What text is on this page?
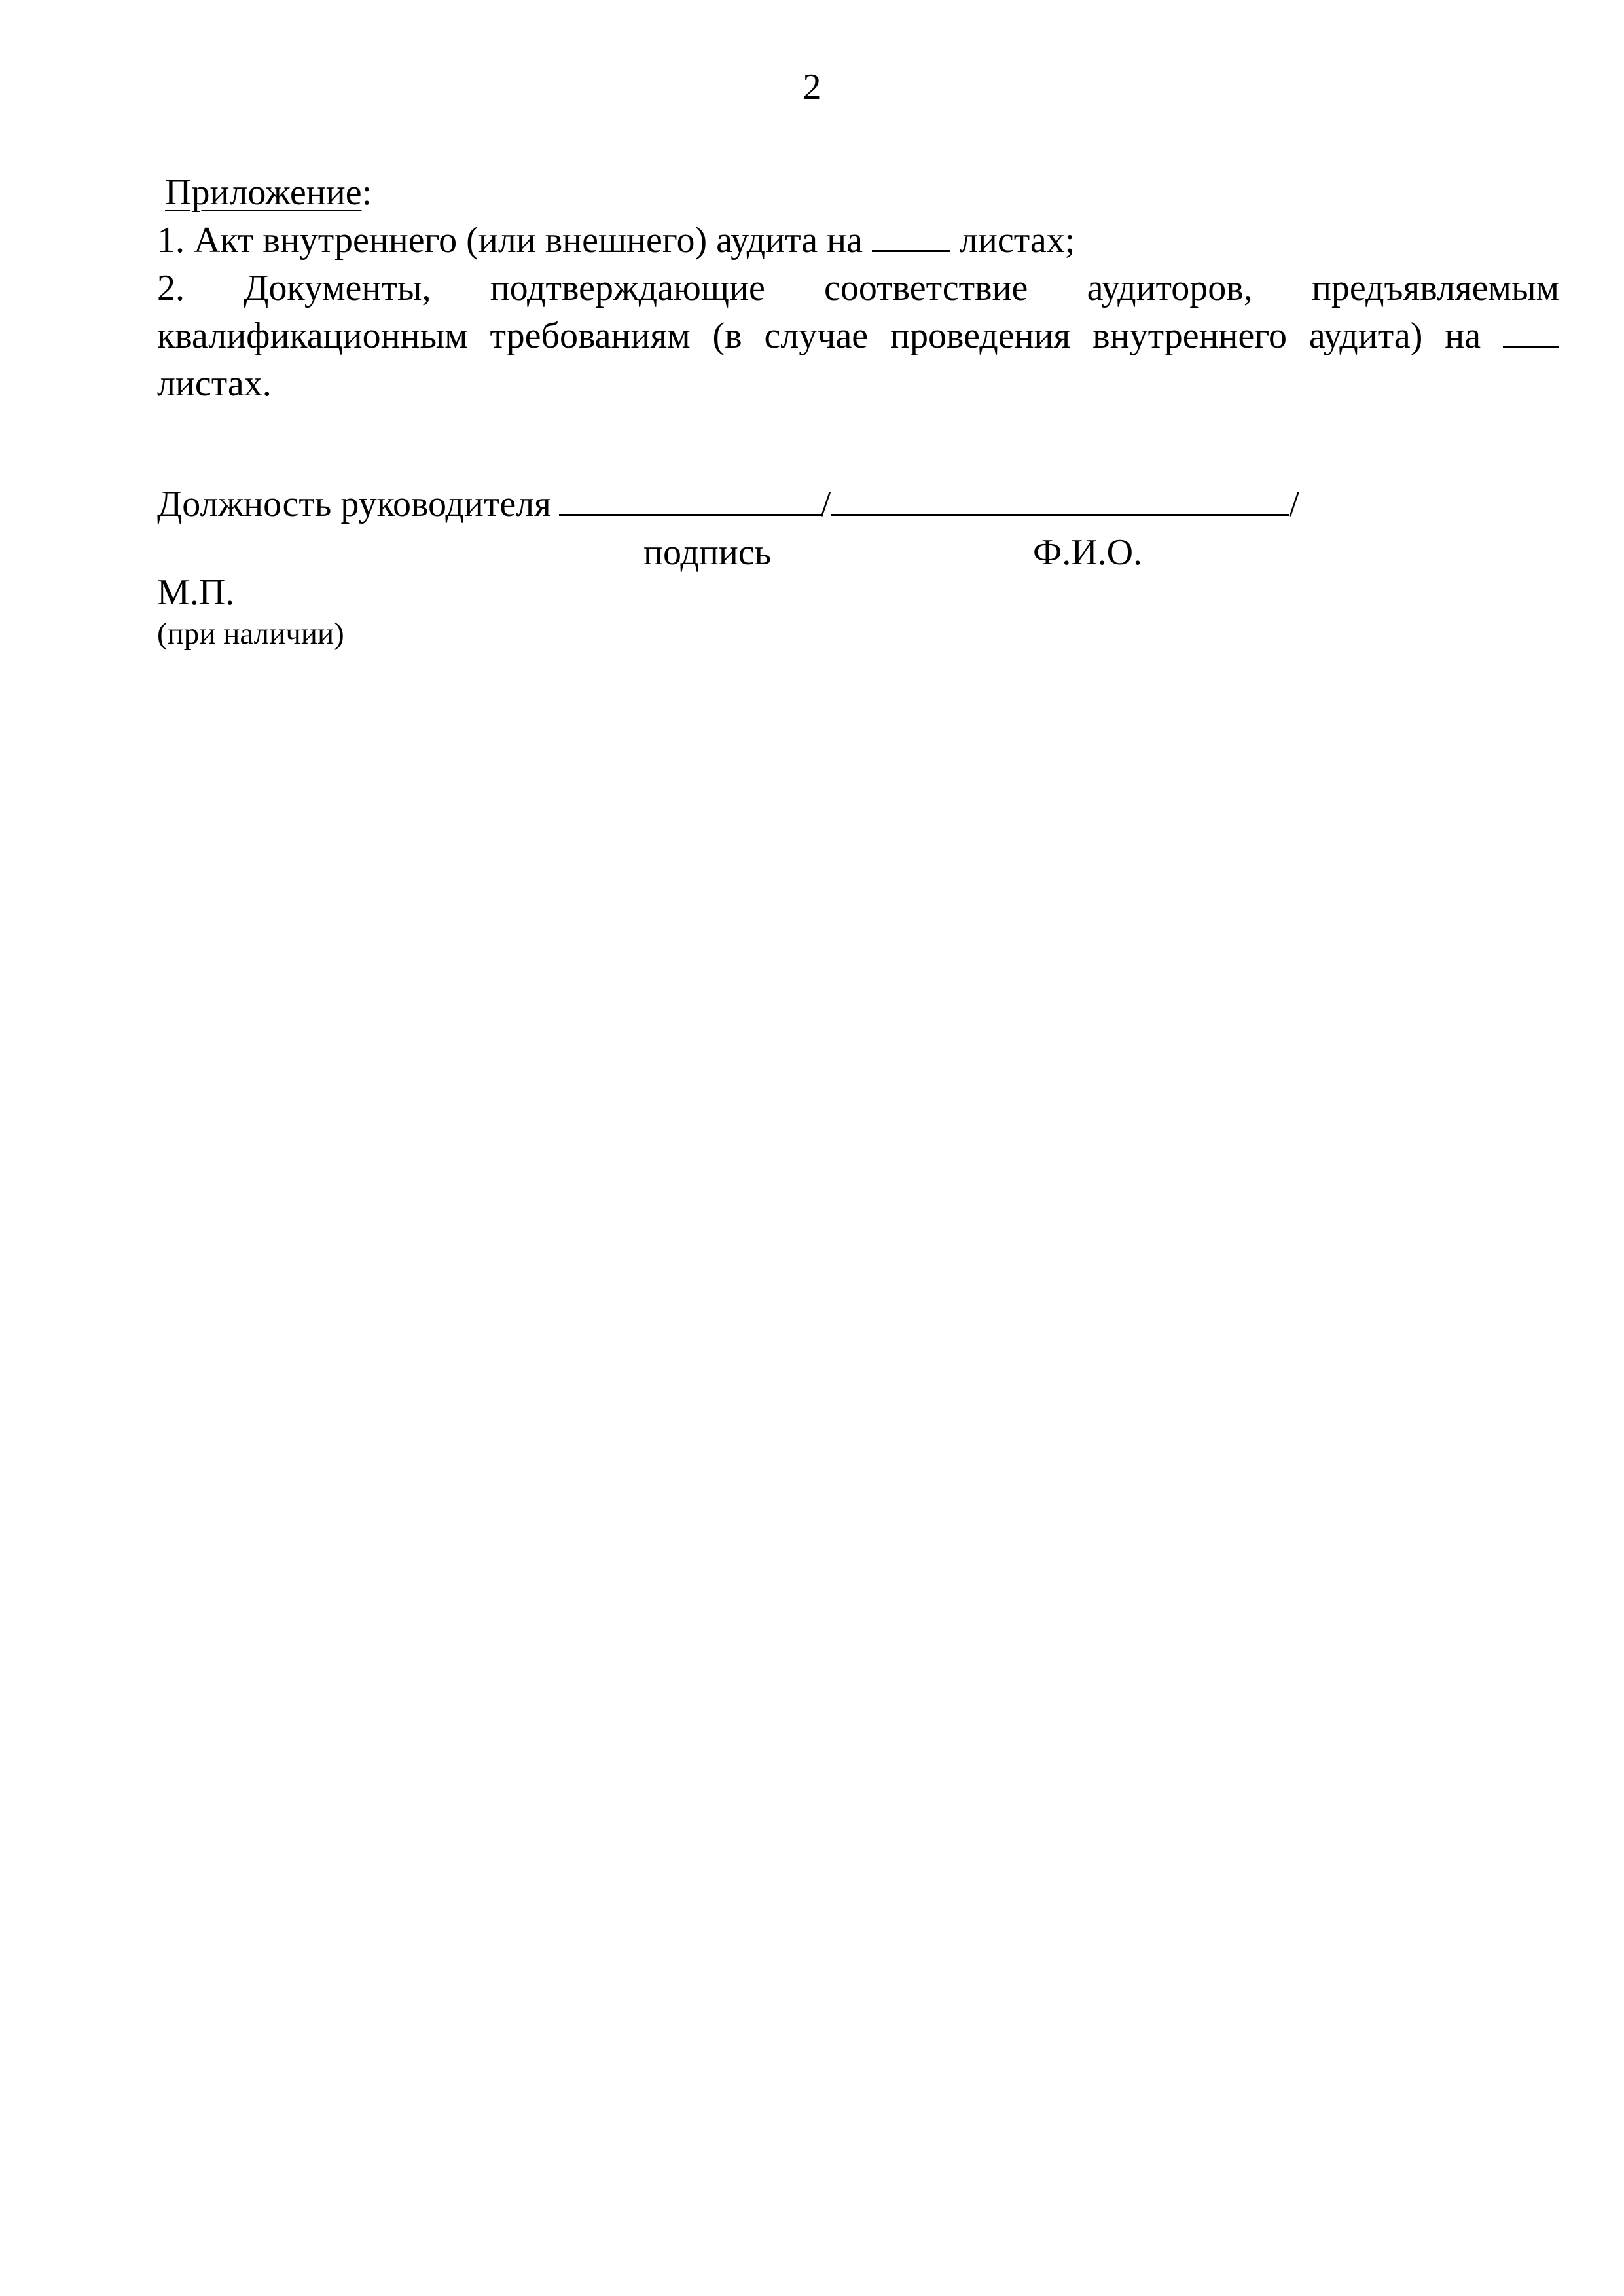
2
Приложение:
1. Акт внутреннего (или внешнего) аудита на  листах;
2. Документы, подтверждающие соответствие аудиторов, предъявляемым квалификационным требованиям (в случае проведения внутреннего аудита) на  листах.
Должность руководителя	/	/
подпись	Ф.И.О.
М.П.
(при наличии)
